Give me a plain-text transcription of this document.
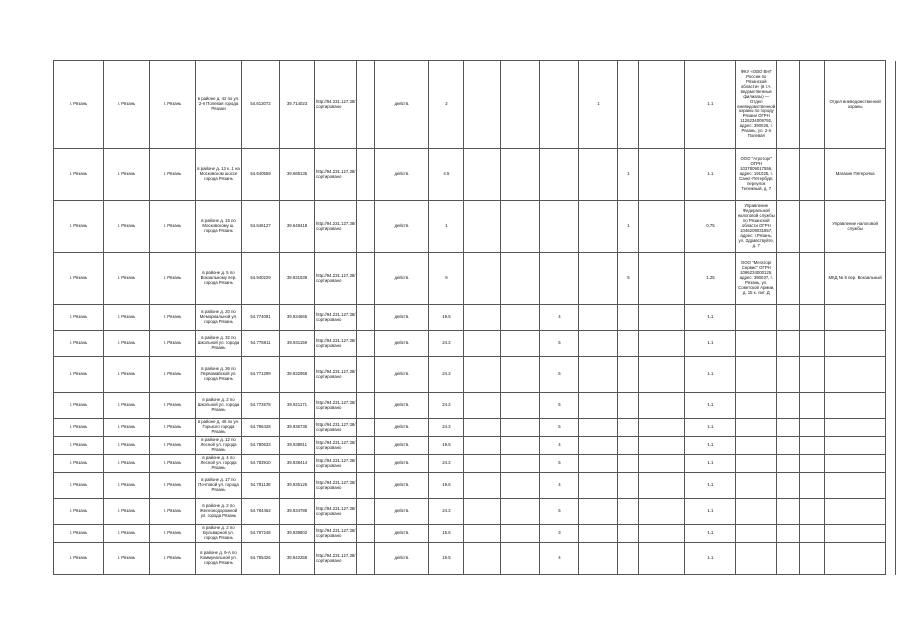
г. Рязань	г. Рязань	г. Рязань	в районе д. 42 по ул. 2-я Полевая города Рязани	54.613072	39.714023	http://94.231.127.38/сортировано		действ.	2				1			1.1	ФКУ «ОВО ВНГ России по Рязанской области» (в т.ч. ведомственные филиалы) — Отдел вневедомственной охраны по городу Рязани ОГРН 1126234009792, адрес: 390026, г. Рязань, ул. 2-я Полевая			Отдел вневедомственной охраны	
г. Рязань	г. Рязань	г. Рязань	в районе д. 13 к. 1 на Московском шоссе города Рязань	54.640559	39.669135	http://94.231.127.38/сортировано		действ.	4.5					1		1.1	ООО "Агроторг" ОГРН 1037809017556, адрес: 191025, г. Санкт-Петербург, переулок Тележный, д. 7			Магазин Пятерочка	
г. Рязань	г. Рязань	г. Рязань	в районе д. 15 по Московскому ш. города Рязань	54.646127	39.648418	http://94.231.127.38/сортировано		действ.	1					1		0.75	Управление Федеральной налоговой службы по Рязанской области ОГРН 1046209031857, адрес: г.Рязань, ул. Здравствуйте, д. 7			Управление налоговой службы	
г. Рязань	г. Рязань	г. Рязань	в районе д. 5 по Вокзальному пер. города Рязань	54.940229	39.931939	http://94.231.127.38/сортировано		действ.	6					5		1.25	ООО "Мегаторг Сервис" ОГРН 1096234000125, адрес: 390037, г. Рязань, ул. Советской Армии, д. 15 к. лит. Д			МКД № 5 пер. Вокзальный	
г. Рязань	г. Рязань	г. Рязань	в районе д. 20 по Мемориальной ул. города Рязань	54.774081	39.934665	http://94.231.127.38/сортировано		действ.	19.5			4				1.1					
г. Рязань	г. Рязань	г. Рязань	в районе д. 32 по Школьной ул. города Рязань	54.776811	39.931159	http://94.231.127.38/сортировано		действ.	24.2			5				1.1					
г. Рязань	г. Рязань	г. Рязань	в районе д. 36 по Первомайской ул. города Рязань	54.771299	39.932958	http://94.231.127.38/сортировано		действ.	24.2			5				1.1					
г. Рязань	г. Рязань	г. Рязань	в районе д. 2 по Школьной ул. города Рязань	54.772578	39.921171	http://94.231.127.38/сортировано		действ.	24.2			5				1.1					
г. Рязань	г. Рязань	г. Рязань	в районе д. 45 по ул. Горького города Рязань	54.786428	39.936736	http://94.231.127.38/сортировано		действ.	24.2			5				1.1					
г. Рязань	г. Рязань	г. Рязань	в районе д. 12 по Лесной ул. города Рязань	54.780633	39.938811	http://94.231.127.38/сортировано		действ.	19.5			4				1.1					
г. Рязань	г. Рязань	г. Рязань	в районе д. 4 по Лесной ул. города Рязань	54.783910	39.938414	http://94.231.127.38/сортировано		действ.	24.2			5				1.1					
г. Рязань	г. Рязань	г. Рязань	в районе д. 17 по Почтовой ул. города Рязань	54.781138	39.935126	http://94.231.127.38/сортировано		действ.	19.6			4				1.1					
г. Рязань	г. Рязань	г. Рязань	в районе д. 2 по Железнодорожной ул. города Рязань	54.784462	39.934786	http://94.231.127.38/сортировано		действ.	24.2			5				1.1					
г. Рязань	г. Рязань	г. Рязань	в районе д. 2 по Бульварной ул. города Рязань	54.797248	39.939802	http://94.231.127.38/сортировано		действ.	15.6			3				1.1					
г. Рязань	г. Рязань	г. Рязань	в районе д. 9-А по Коммунальной ул. города Рязань	54.755426	39.942258	http://94.231.127.38/сортировано		действ.	19.5			4				1.1					
